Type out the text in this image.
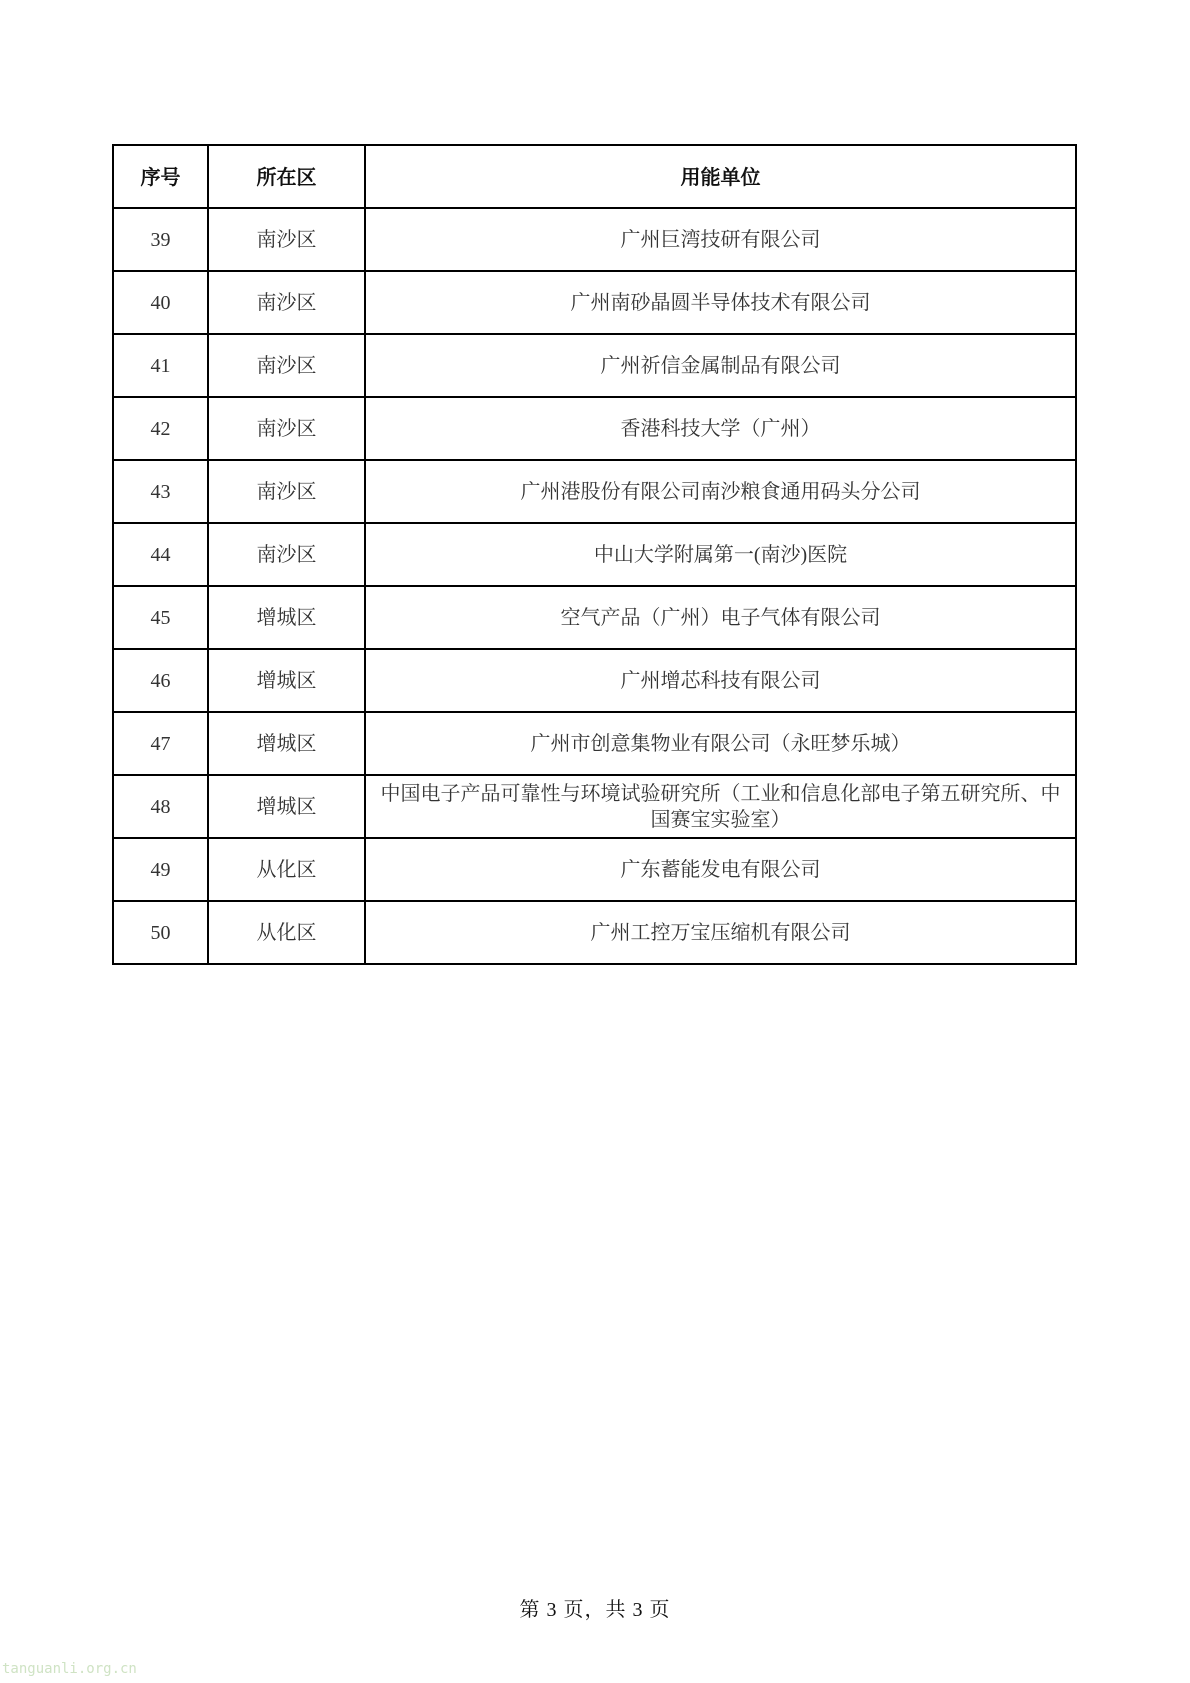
序号	所在区	用能单位
39	南沙区	广州巨湾技研有限公司
40	南沙区	广州南砂晶圆半导体技术有限公司
41	南沙区	广州祈信金属制品有限公司
42	南沙区	香港科技大学（广州）
43	南沙区	广州港股份有限公司南沙粮食通用码头分公司
44	南沙区	中山大学附属第一(南沙)医院
45	增城区	空气产品（广州）电子气体有限公司
46	增城区	广州增芯科技有限公司
47	增城区	广州市创意集物业有限公司（永旺梦乐城）
48	增城区	中国电子产品可靠性与环境试验研究所（工业和信息化部电子第五研究所、中国赛宝实验室）
49	从化区	广东蓄能发电有限公司
50	从化区	广州工控万宝压缩机有限公司
第 3 页，共 3 页
tanguanli.org.cn
